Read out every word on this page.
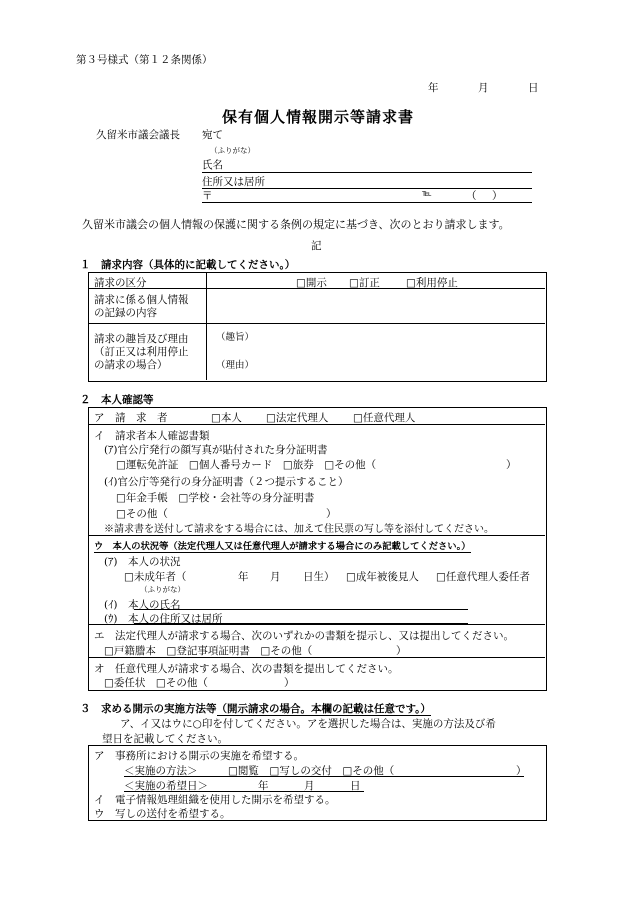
第３号様式（第１２条関係）
年	月	日
保有個人情報開示等請求書
久留米市議会議長 宛て
（ふりがな）
氏名
住所又は居所
〒	℡	（ ）
久留米市議会の個人情報の保護に関する条例の規定に基づき、次のとおり請求します。
記
１　請求内容（具体的に記載してください。）
請求の区分	□開示 □訂正 □利用停止
請求に係る個人情報
の記録の内容
請求の趣旨及び理由
（訂正又は利用停止
の請求の場合）
（趣旨）
（理由）
２　本人確認等
ア　請　求　者	□本人 □法定代理人 □任意代理人
イ　請求者本人確認書類
(ｱ)官公庁発行の顔写真が貼付された身分証明書
□運転免許証　□個人番号カード　□旅券　□その他（	）
(ｲ)官公庁等発行の身分証明書（２つ提示すること）
□年金手帳　□学校・会社等の身分証明書
□その他（	）
※請求書を送付して請求をする場合には、加えて住民票の写し等を添付してください。
ウ　本人の状況等（法定代理人又は任意代理人が請求する場合にのみ記載してください。）
(ｱ)　本人の状況
□未成年者（	年 月 日生） □成年被後見人 □任意代理人委任者
（ふりがな）
(ｲ)　本人の氏名
(ｳ)　本人の住所又は居所
エ　法定代理人が請求する場合、次のいずれかの書類を提示し、又は提出してください。
□戸籍謄本　□登記事項証明書　□その他（	）
オ　任意代理人が請求する場合、次の書類を提出してください。
□委任状　□その他（	）
３　求める開示の実施方法等（開示請求の場合。本欄の記載は任意です。）
ア、イ又はウに○印を付してください。アを選択した場合は、実施の方法及び希
望日を記載してください。
ア　事務所における開示の実施を希望する。
＜実施の方法＞	□閲覧　□写しの交付　□その他（	）
＜実施の希望日＞	年	月	日
イ　電子情報処理組織を使用した開示を希望する。
ウ　写しの送付を希望する。
